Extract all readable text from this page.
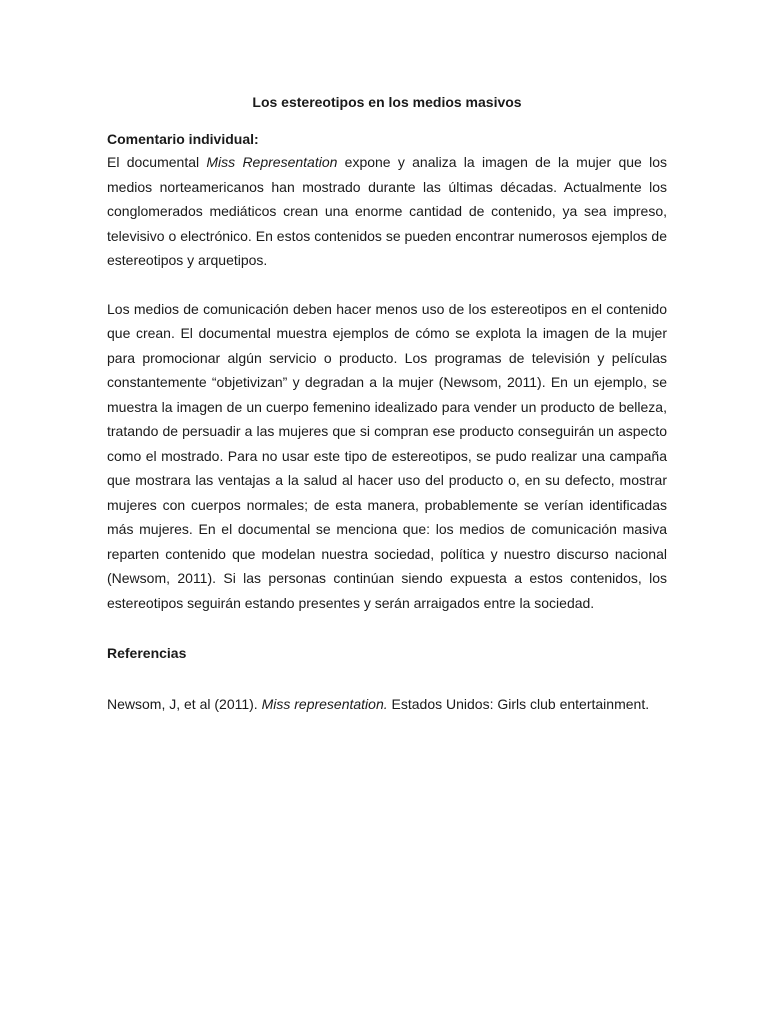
Los estereotipos en los medios masivos

Comentario individual:

El documental Miss Representation expone y analiza la imagen de la mujer que los medios norteamericanos han mostrado durante las últimas décadas. Actualmente los conglomerados mediáticos crean una enorme cantidad de contenido, ya sea impreso, televisivo o electrónico. En estos contenidos se pueden encontrar numerosos ejemplos de estereotipos y arquetipos.

Los medios de comunicación deben hacer menos uso de los estereotipos en el contenido que crean. El documental muestra ejemplos de cómo se explota la imagen de la mujer para promocionar algún servicio o producto. Los programas de televisión y películas constantemente “objetivizan” y degradan a la mujer (Newsom, 2011). En un ejemplo, se muestra la imagen de un cuerpo femenino idealizado para vender un producto de belleza, tratando de persuadir a las mujeres que si compran ese producto conseguirán un aspecto como el mostrado. Para no usar este tipo de estereotipos, se pudo realizar una campaña que mostrara las ventajas a la salud al hacer uso del producto o, en su defecto, mostrar mujeres con cuerpos normales; de esta manera, probablemente se verían identificadas más mujeres. En el documental se menciona que: los medios de comunicación masiva reparten contenido que modelan nuestra sociedad, política y nuestro discurso nacional (Newsom, 2011). Si las personas continúan siendo expuesta a estos contenidos, los estereotipos seguirán estando presentes y serán arraigados entre la sociedad.

Referencias

Newsom, J, et al (2011). Miss representation. Estados Unidos: Girls club entertainment.
